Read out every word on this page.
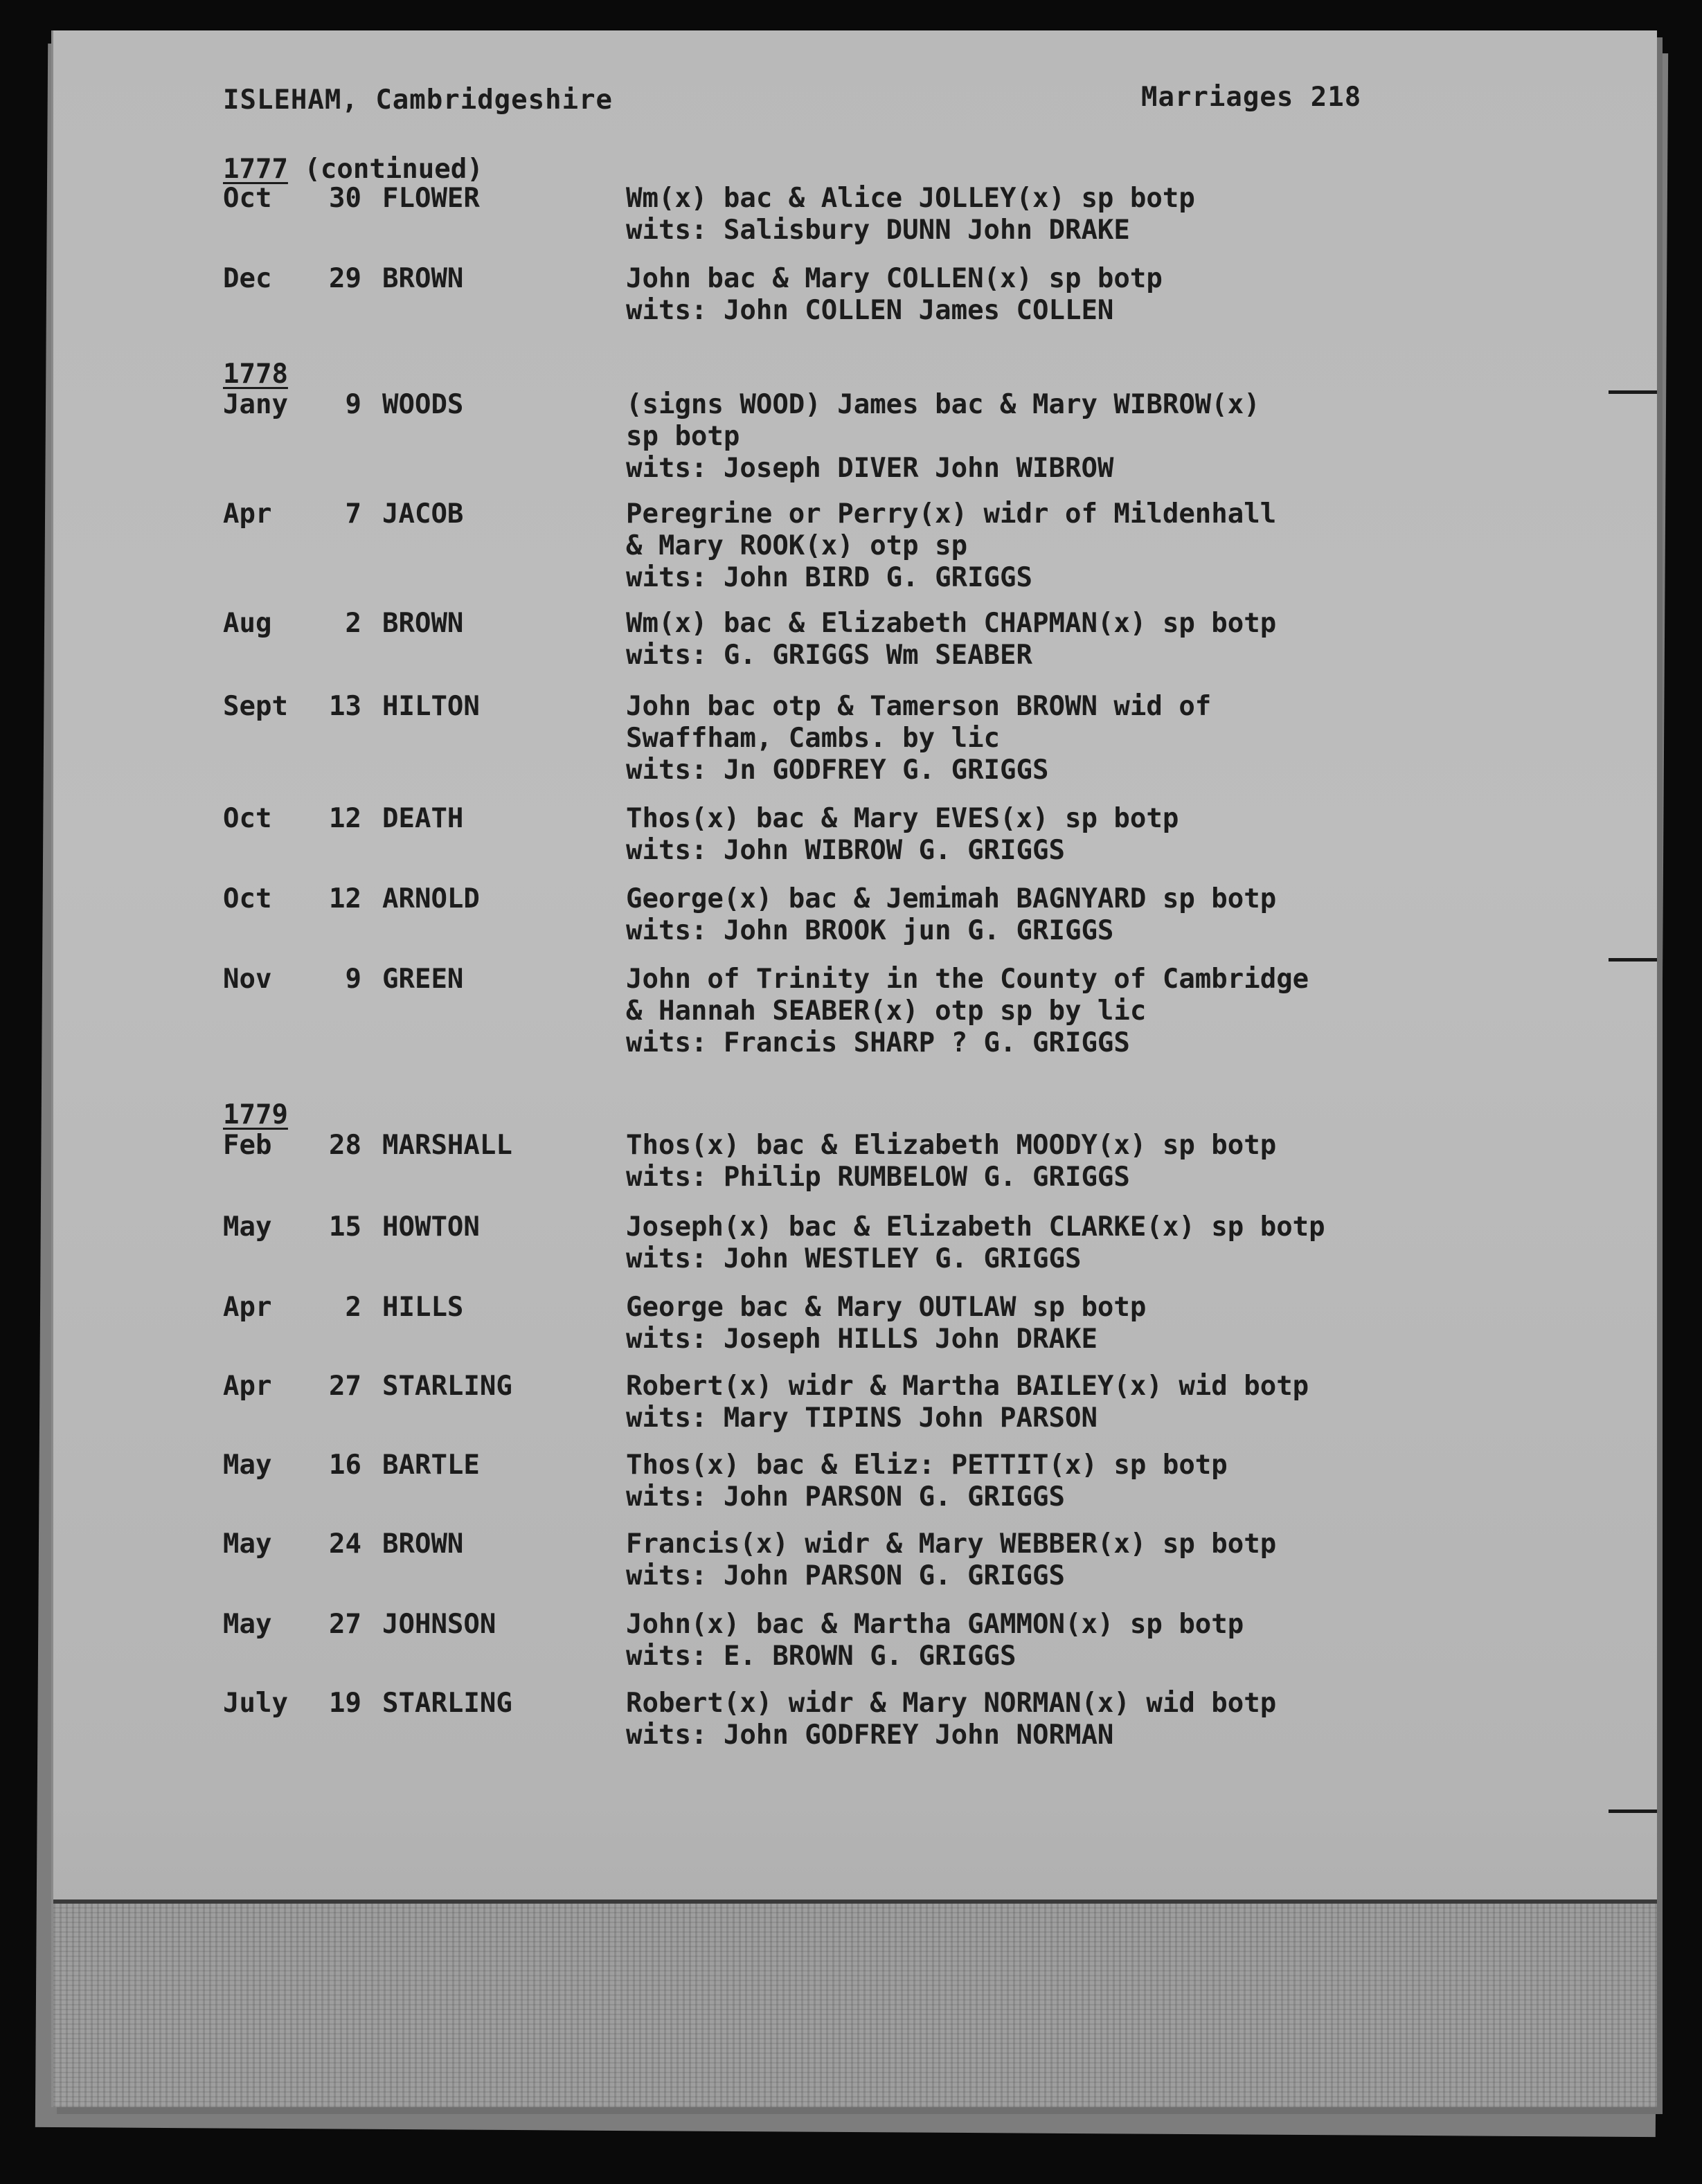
ISLEHAM, Cambridgeshire	Marriages 218
1777 (continued)
Oct 30 FLOWER	Wm(x) bac & Alice JOLLEY(x) sp botp
wits: Salisbury DUNN John DRAKE
Dec 29 BROWN	John bac & Mary COLLEN(x) sp botp
wits: John COLLEN James COLLEN
1778
Jany 9 WOODS	(signs WOOD) James bac & Mary WIBROW(x)
sp botp
wits: Joseph DIVER John WIBROW
Apr	7 JACOB	Peregrine or Perry(x) widr of Mildenhall
& Mary ROOK(x) otp sp
wits: John BIRD G. GRIGGS
Aug	2 BROWN	Wm(x) bac & Elizabeth CHAPMAN(x) sp botp
wits: G. GRIGGS Wm SEABER
Sept 13 HILTON	John bac otp & Tamerson BROWN wid of
Swaffham, Cambs. by lic
wits: Jn GODFREY G. GRIGGS
Oct 12 DEATH	Thos(x) bac & Mary EVES(x) sp botp
wits: John WIBROW G. GRIGGS
Oct 12 ARNOLD	George(x) bac & Jemimah BAGNYARD sp botp
wits: John BROOK jun G. GRIGGS
Nov	9 GREEN	John of Trinity in the County of Cambridge
& Hannah SEABER(x) otp sp by lic
wits: Francis SHARP ? G. GRIGGS
1779
Feb 28 MARSHALL	Thos(x) bac & Elizabeth MOODY(x) sp botp
wits: Philip RUMBELOW G. GRIGGS
May 15 HOWTON	Joseph(x) bac & Elizabeth CLARKE(x) sp botp
wits: John WESTLEY G. GRIGGS
Apr	2 HILLS	George bac & Mary OUTLAW sp botp
wits: Joseph HILLS John DRAKE
Apr 27 STARLING	Robert(x) widr & Martha BAILEY(x) wid botp
wits: Mary TIPINS John PARSON
May 16 BARTLE	Thos(x) bac & Eliz: PETTIT(x) sp botp
wits: John PARSON G. GRIGGS
May 24 BROWN	Francis(x) widr & Mary WEBBER(x) sp botp
wits: John PARSON G. GRIGGS
May 27 JOHNSON	John(x) bac & Martha GAMMON(x) sp botp
wits: E. BROWN G. GRIGGS
July 19 STARLING	Robert(x) widr & Mary NORMAN(x) wid botp
wits: John GODFREY John NORMAN
